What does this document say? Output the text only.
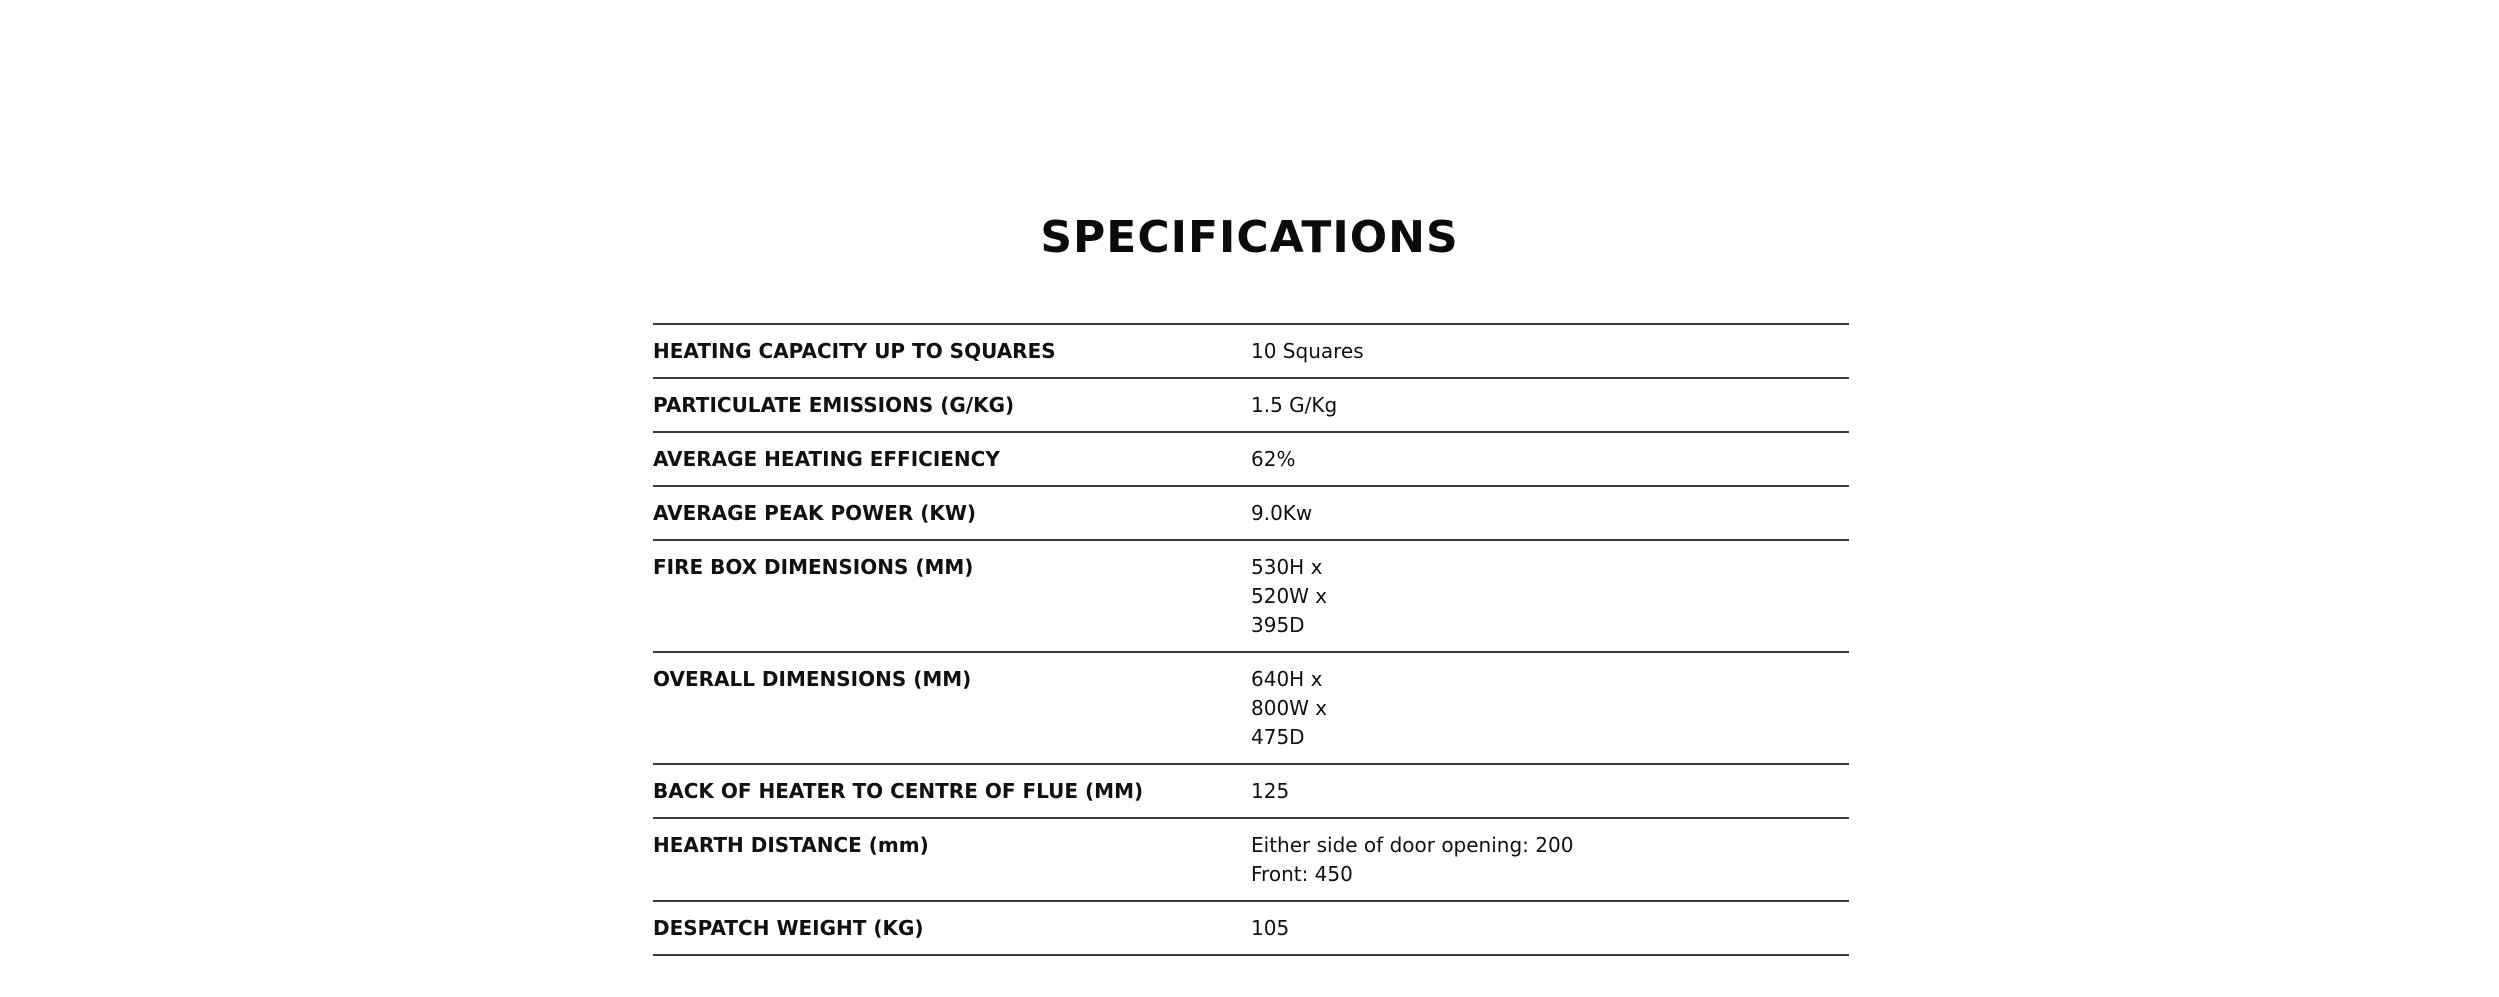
SPECIFICATIONS
HEATING CAPACITY UP TO SQUARES	10 Squares
PARTICULATE EMISSIONS (G/KG)	1.5 G/Kg
AVERAGE HEATING EFFICIENCY	62%
AVERAGE PEAK POWER (KW)	9.0Kw
FIRE BOX DIMENSIONS (MM)	530H x
520W x
395D
OVERALL DIMENSIONS (MM)	640H x
800W x
475D
BACK OF HEATER TO CENTRE OF FLUE (MM)	125
HEARTH DISTANCE (mm)	Either side of door opening: 200
Front: 450
DESPATCH WEIGHT (KG)	105
